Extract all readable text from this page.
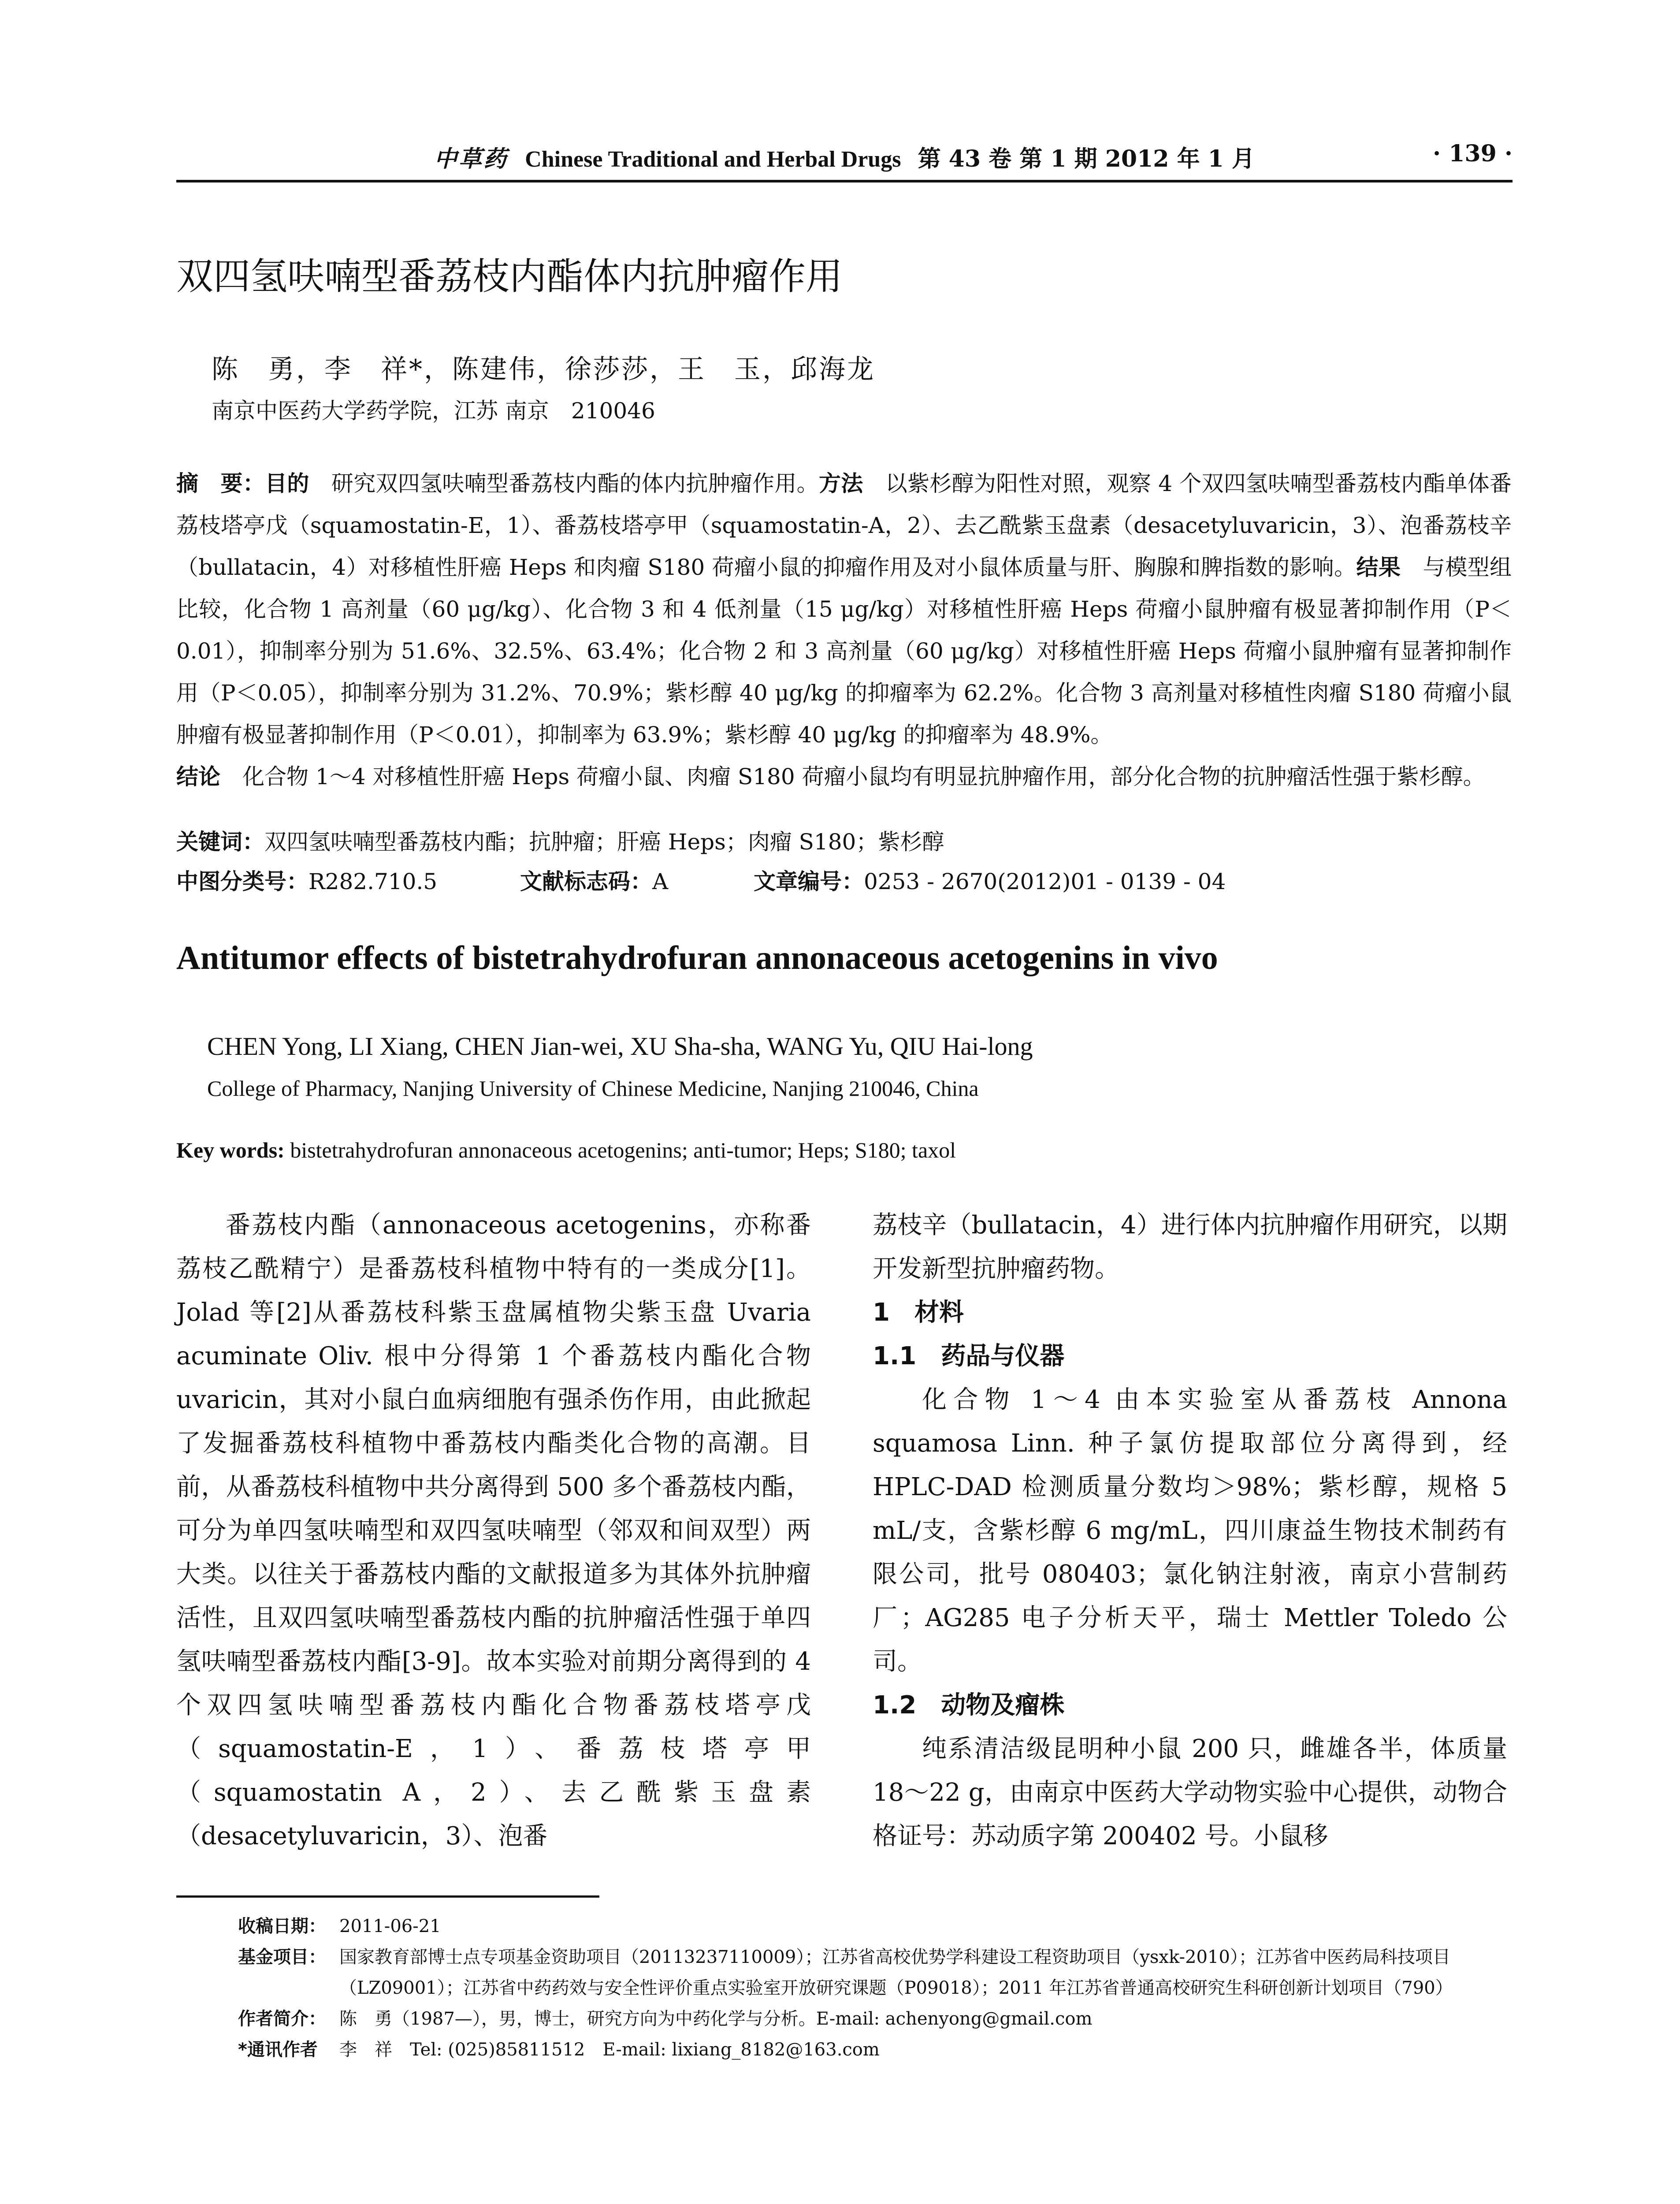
中草药 Chinese Traditional and Herbal Drugs 第 43 卷 第 1 期 2012 年 1 月	· 139 ·
双四氢呋喃型番荔枝内酯体内抗肿瘤作用
陈　勇，李　祥*，陈建伟，徐莎莎，王　玉，邱海龙
南京中医药大学药学院，江苏 南京　210046

摘　要：目的　 研究双四氢呋喃型番荔枝内酯的体内抗肿瘤作用。方法　 以紫杉醇为阳性对照，观察 4 个双四氢呋喃型番荔枝内酯单体番荔枝塔亭戊（squamostatin-E，1）、番荔枝塔亭甲（squamostatin-A，2）、去乙酰紫玉盘素（desacetyluvaricin，3）、泡番荔枝辛（bullatacin，4）对移植性肝癌 Heps 和肉瘤 S180 荷瘤小鼠的抑瘤作用及对小鼠体质量与肝、胸腺和脾指数的影响。结果　 与模型组比较，化合物 1 高剂量（60 μg/kg）、化合物 3 和 4 低剂量（15 μg/kg）对移植性肝癌 Heps 荷瘤小鼠肿瘤有极显著抑制作用（P＜0.01），抑制率分别为 51.6%、32.5%、63.4%；化合物 2 和 3 高剂量（60 μg/kg）对移植性肝癌 Heps 荷瘤小鼠肿瘤有显著抑制作用（P＜0.05），抑制率分别为 31.2%、70.9%；紫杉醇 40 μg/kg 的抑瘤率为 62.2%。化合物 3 高剂量对移植性肉瘤 S180 荷瘤小鼠肿瘤有极显著抑制作用（P＜0.01），抑制率为 63.9%；紫杉醇 40 μg/kg 的抑瘤率为 48.9%。

结论　 化合物 1～4 对移植性肝癌 Heps 荷瘤小鼠、肉瘤 S180 荷瘤小鼠均有明显抗肿瘤作用，部分化合物的抗肿瘤活性强于紫杉醇。

关键词：双四氢呋喃型番荔枝内酯；抗肿瘤；肝癌 Heps；肉瘤 S180；紫杉醇
中图分类号：R282.710.5	文献标志码：A	文章编号：0253 - 2670(2012)01 - 0139 - 04
Antitumor effects of bistetrahydrofuran annonaceous acetogenins in vivo
CHEN Yong, LI Xiang, CHEN Jian-wei, XU Sha-sha, WANG Yu, QIU Hai-long
College of Pharmacy, Nanjing University of Chinese Medicine, Nanjing 210046, China
Key words: bistetrahydrofuran annonaceous acetogenins; anti-tumor; Heps; S180; taxol

番荔枝内酯（annonaceous acetogenins，亦称番荔枝乙酰精宁）是番荔枝科植物中特有的一类成分[1]。Jolad 等[2]从番荔枝科紫玉盘属植物尖紫玉盘 Uvaria acuminate Oliv. 根中分得第 1 个番荔枝内酯化合物 uvaricin，其对小鼠白血病细胞有强杀伤作用，由此掀起了发掘番荔枝科植物中番荔枝内酯类化合物的高潮。目前，从番荔枝科植物中共分离得到 500 多个番荔枝内酯，可分为单四氢呋喃型和双四氢呋喃型（邻双和间双型）两大类。以往关于番荔枝内酯的文献报道多为其体外抗肿瘤活性，且双四氢呋喃型番荔枝内酯的抗肿瘤活性强于单四氢呋喃型番荔枝内酯[3-9]。故本实验对前期分离得到的 4 个双四氢呋喃型番荔枝内酯化合物番荔枝塔亭戊（squamostatin-E，1）、番荔枝塔亭甲（squamostatin A，2）、去乙酰紫玉盘素（desacetyluvaricin，3）、泡番

荔枝辛（bullatacin，4）进行体内抗肿瘤作用研究，以期开发新型抗肿瘤药物。

1　材料
1.1　药品与仪器

化合物 1～4 由本实验室从番荔枝 Annona squamosa Linn. 种子氯仿提取部位分离得到，经 HPLC-DAD 检测质量分数均＞98%；紫杉醇，规格 5 mL/支，含紫杉醇 6 mg/mL，四川康益生物技术制药有限公司，批号 080403；氯化钠注射液，南京小营制药厂；AG285 电子分析天平，瑞士 Mettler Toledo 公司。

1.2　动物及瘤株

纯系清洁级昆明种小鼠 200 只，雌雄各半，体质量 18～22 g，由南京中医药大学动物实验中心提供，动物合格证号：苏动质字第 200402 号。小鼠移

收稿日期： 2011-06-21
基金项目： 国家教育部博士点专项基金资助项目（20113237110009）；江苏省高校优势学科建设工程资助项目（ysxk-2010）；江苏省中医药局科技项目（LZ09001）；江苏省中药药效与安全性评价重点实验室开放研究课题（P09018）；2011 年江苏省普通高校研究生科研创新计划项目（790）
作者简介： 陈　勇（1987—），男，博士，研究方向为中药化学与分析。E-mail: achenyong@gmail.com
*通讯作者 李　祥　Tel: (025)85811512　E-mail: lixiang_8182@163.com
